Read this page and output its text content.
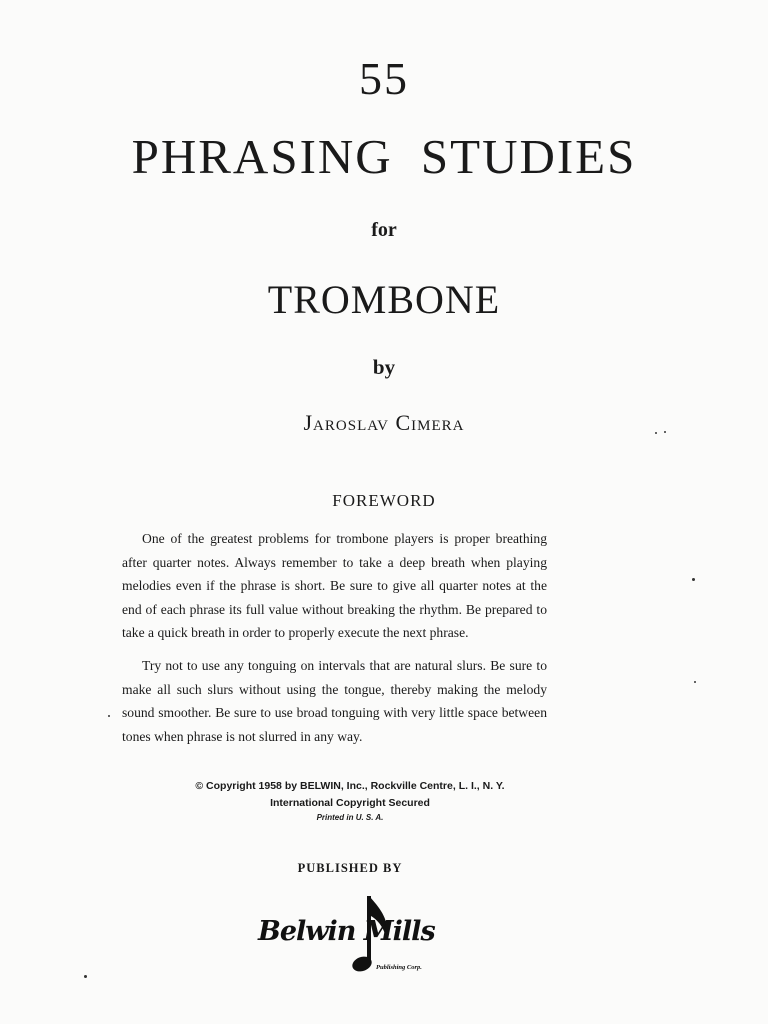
55
PHRASING STUDIES
for
TROMBONE
by
Jaroslav Cimera
FOREWORD

One of the greatest problems for trombone players is proper breathing after quarter notes. Always remember to take a deep breath when playing melodies even if the phrase is short. Be sure to give all quarter notes at the end of each phrase its full value without breaking the rhythm. Be prepared to take a quick breath in order to properly execute the next phrase.

Try not to use any tonguing on intervals that are natural slurs. Be sure to make all such slurs without using the tongue, thereby making the melody sound smoother. Be sure to use broad tonguing with very little space between tones when phrase is not slurred in any way.

© Copyright 1958 by BELWIN, Inc., Rockville Centre, L. I., N. Y.
International Copyright Secured
Printed in U. S. A.
PUBLISHED BY
Belwin Mills
Publishing Corp.
